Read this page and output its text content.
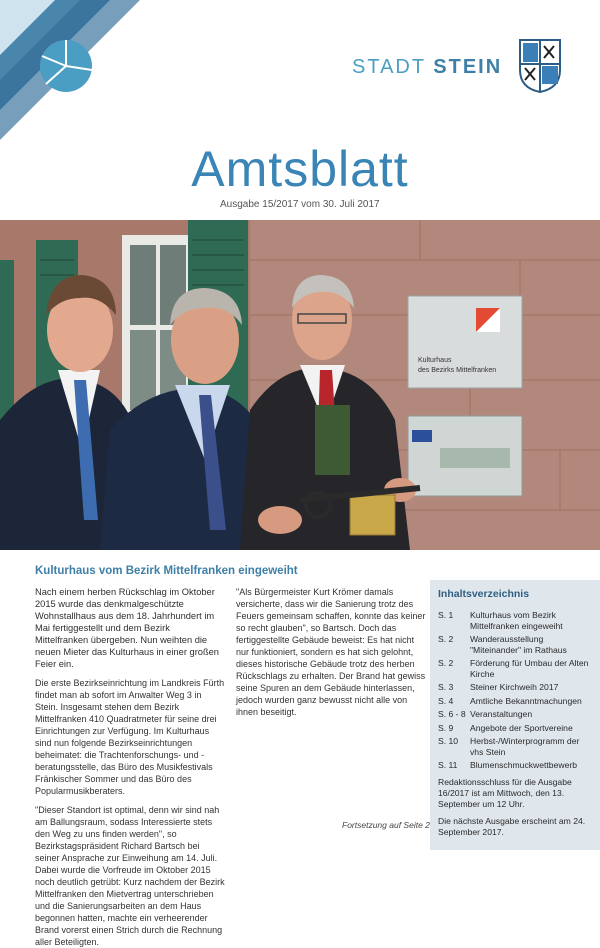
STADT STEIN
Amtsblatt
Ausgabe 15/2017 vom 30. Juli 2017
Kulturhaus
des Bezirks Mittelfranken
Kulturhaus vom Bezirk Mittelfranken eingeweiht

Nach einem herben Rückschlag im Oktober 2015 wurde das denkmalgeschützte Wohnstallhaus aus dem 18. Jahrhundert im Mai fertiggestellt und dem Bezirk Mittelfranken übergeben. Nun weihten die neuen Mieter das Kulturhaus in einer großen Feier ein.

Die erste Bezirkseinrichtung im Landkreis Fürth findet man ab sofort im Anwalter Weg 3 in Stein. Insgesamt stehen dem Bezirk Mittelfranken 410 Quadratmeter für seine drei Einrichtungen zur Verfügung. Im Kulturhaus sind nun folgende Bezirkseinrichtungen beheimatet: die Trachtenforschungs- und -beratungsstelle, das Büro des Musikfestivals Fränkischer Sommer und das Büro des Popularmusikberaters.

"Dieser Standort ist optimal, denn wir sind nah am Ballungsraum, sodass Interessierte stets den Weg zu uns finden werden", so Bezirkstagspräsident Richard Bartsch bei seiner Ansprache zur Einweihung am 14. Juli. Dabei wurde die Vorfreude im Oktober 2015 noch deutlich getrübt: Kurz nachdem der Bezirk Mittelfranken den Mietvertrag unterschrieben und die Sanierungsarbeiten an dem Haus begonnen hatten, machte ein verheerender Brand vorerst einen Strich durch die Rechnung aller Beteiligten.

"Als Bürgermeister Kurt Krömer damals versicherte, dass wir die Sanierung trotz des Feuers gemeinsam schaffen, konnte das keiner so recht glauben", so Bartsch. Doch das fertiggestellte Gebäude beweist: Es hat nicht nur funktioniert, sondern es hat sich gelohnt, dieses historische Gebäude trotz des herben Rückschlags zu erhalten. Der Brand hat gewiss seine Spuren an dem Gebäude hinterlassen, jedoch wurden ganz bewusst nicht alle von ihnen beseitigt.

Fortsetzung auf Seite 2
Inhaltsverzeichnis
S. 1	Kulturhaus vom Bezirk Mittelfranken eingeweiht
S. 2	Wanderausstellung "Miteinander" im Rathaus
S. 2	Förderung für Umbau der Alten Kirche
S. 3	Steiner Kirchweih 2017
S. 4	Amtliche Bekanntmachungen
S. 6 - 8 Veranstaltungen
S. 9	Angebote der Sportvereine
S. 10	Herbst-/Winterprogramm der vhs Stein
S. 11	Blumenschmuckwettbewerb
Redaktionsschluss für die Ausgabe 16/2017 ist am Mittwoch, den 13. September um 12 Uhr.
Die nächste Ausgabe erscheint am 24. September 2017.
